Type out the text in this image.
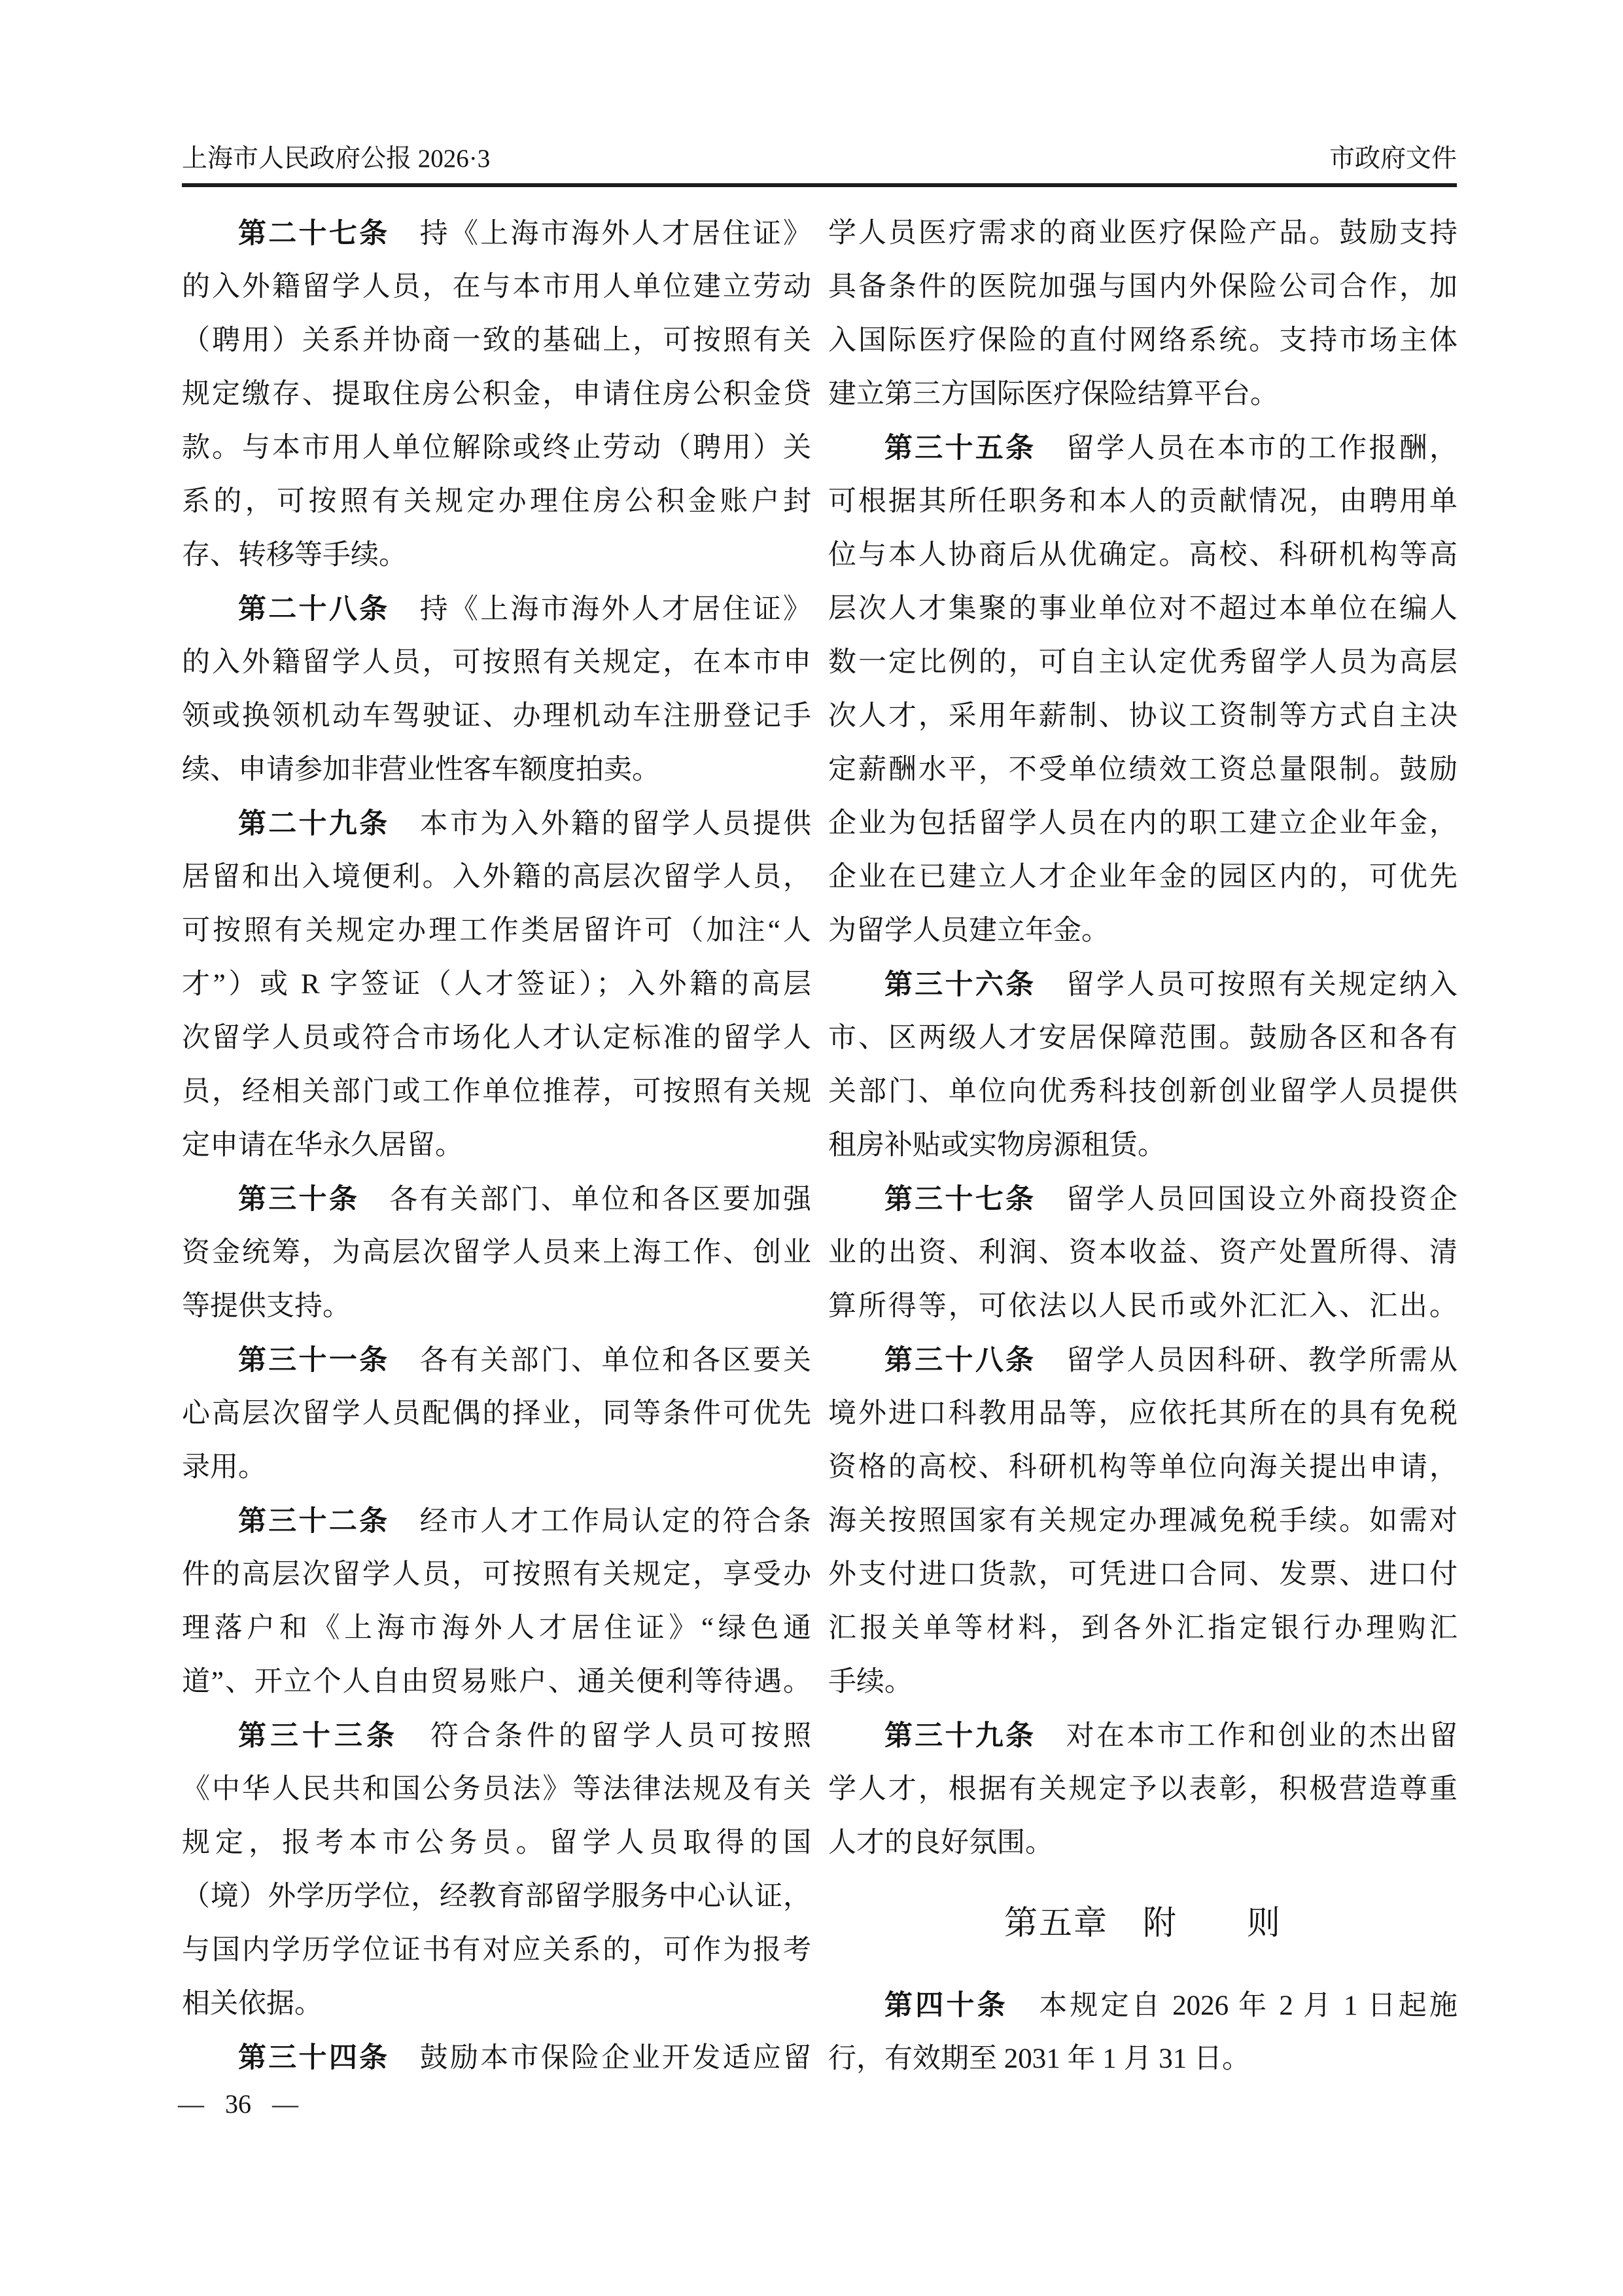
上海市人民政府公报 2026·3	市政府文件
第二十七条　持《上海市海外人才居住证》
的入外籍留学人员，在与本市用人单位建立劳动
（聘用）关系并协商一致的基础上，可按照有关
规定缴存、提取住房公积金，申请住房公积金贷
款。与本市用人单位解除或终止劳动（聘用）关
系的，可按照有关规定办理住房公积金账户封
存、转移等手续。
第二十八条　持《上海市海外人才居住证》
的入外籍留学人员，可按照有关规定，在本市申
领或换领机动车驾驶证、办理机动车注册登记手
续、申请参加非营业性客车额度拍卖。
第二十九条　本市为入外籍的留学人员提供
居留和出入境便利。入外籍的高层次留学人员，
可按照有关规定办理工作类居留许可（加注“人
才”）或 R 字签证（人才签证）；入外籍的高层
次留学人员或符合市场化人才认定标准的留学人
员，经相关部门或工作单位推荐，可按照有关规
定申请在华永久居留。
第三十条　各有关部门、单位和各区要加强
资金统筹，为高层次留学人员来上海工作、创业
等提供支持。
第三十一条　各有关部门、单位和各区要关
心高层次留学人员配偶的择业，同等条件可优先
录用。
第三十二条　经市人才工作局认定的符合条
件的高层次留学人员，可按照有关规定，享受办
理落户和《上海市海外人才居住证》“绿色通
道”、开立个人自由贸易账户、通关便利等待遇。
第三十三条　符合条件的留学人员可按照
《中华人民共和国公务员法》等法律法规及有关
规定，报考本市公务员。留学人员取得的国
（境）外学历学位，经教育部留学服务中心认证，
与国内学历学位证书有对应关系的，可作为报考
相关依据。
第三十四条　鼓励本市保险企业开发适应留
学人员医疗需求的商业医疗保险产品。鼓励支持
具备条件的医院加强与国内外保险公司合作，加
入国际医疗保险的直付网络系统。支持市场主体
建立第三方国际医疗保险结算平台。
第三十五条　留学人员在本市的工作报酬，
可根据其所任职务和本人的贡献情况，由聘用单
位与本人协商后从优确定。高校、科研机构等高
层次人才集聚的事业单位对不超过本单位在编人
数一定比例的，可自主认定优秀留学人员为高层
次人才，采用年薪制、协议工资制等方式自主决
定薪酬水平，不受单位绩效工资总量限制。鼓励
企业为包括留学人员在内的职工建立企业年金，
企业在已建立人才企业年金的园区内的，可优先
为留学人员建立年金。
第三十六条　留学人员可按照有关规定纳入
市、区两级人才安居保障范围。鼓励各区和各有
关部门、单位向优秀科技创新创业留学人员提供
租房补贴或实物房源租赁。
第三十七条　留学人员回国设立外商投资企
业的出资、利润、资本收益、资产处置所得、清
算所得等，可依法以人民币或外汇汇入、汇出。
第三十八条　留学人员因科研、教学所需从
境外进口科教用品等，应依托其所在的具有免税
资格的高校、科研机构等单位向海关提出申请，
海关按照国家有关规定办理减免税手续。如需对
外支付进口货款，可凭进口合同、发票、进口付
汇报关单等材料，到各外汇指定银行办理购汇
手续。
第三十九条　对在本市工作和创业的杰出留
学人才，根据有关规定予以表彰，积极营造尊重
人才的良好氛围。
第五章　附　　则
第四十条　本规定自 2026 年 2 月 1 日起施
行，有效期至 2031 年 1 月 31 日。
— 36 —
